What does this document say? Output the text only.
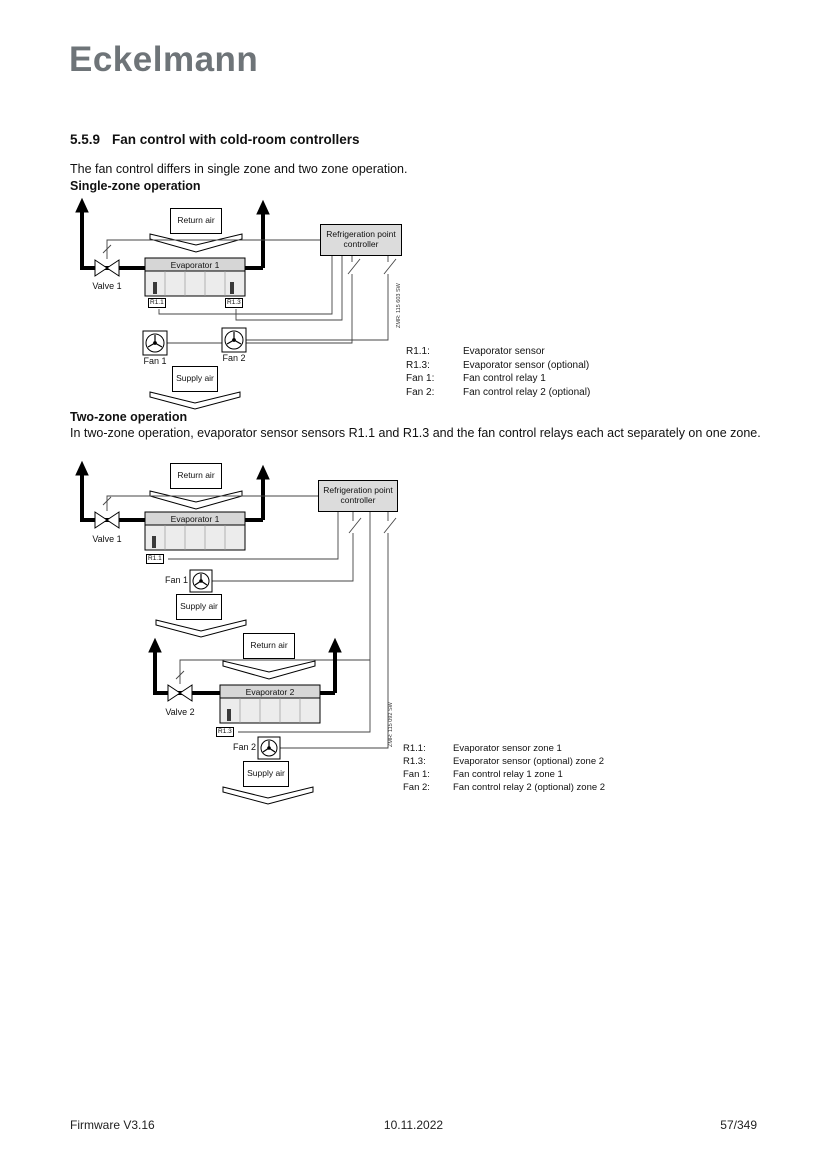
Eckelmann
5.5.9 Fan control with cold-room controllers
The fan control differs in single zone and two zone operation.
Single-zone operation
ZMR: 115 603 SW
Return air
Refrigeration point controller
Valve 1
Evaporator 1
R1.1	R1.3
Fan 1	Fan 2
Supply air
R1.1:	Evaporator sensor
R1.3:	Evaporator sensor (optional)
Fan 1:	Fan control relay 1
Fan 2:	Fan control relay 2 (optional)
Two-zone operation
In two-zone operation, evaporator sensor sensors R1.1 and R1.3 and the fan control relays each act separately on one zone.
ZMR: 115 092 SW
Return air
Refrigeration point controller
Valve 1
Evaporator 1
R1.1
Fan 1
Supply air
Return air
Valve 2
Evaporator 2
R1.3
Fan 2
Supply air
R1.1:	Evaporator sensor zone 1
R1.3:	Evaporator sensor (optional) zone 2
Fan 1:	Fan control relay 1 zone 1
Fan 2:	Fan control relay 2 (optional) zone 2
Firmware V3.16	10.11.2022	57/349
